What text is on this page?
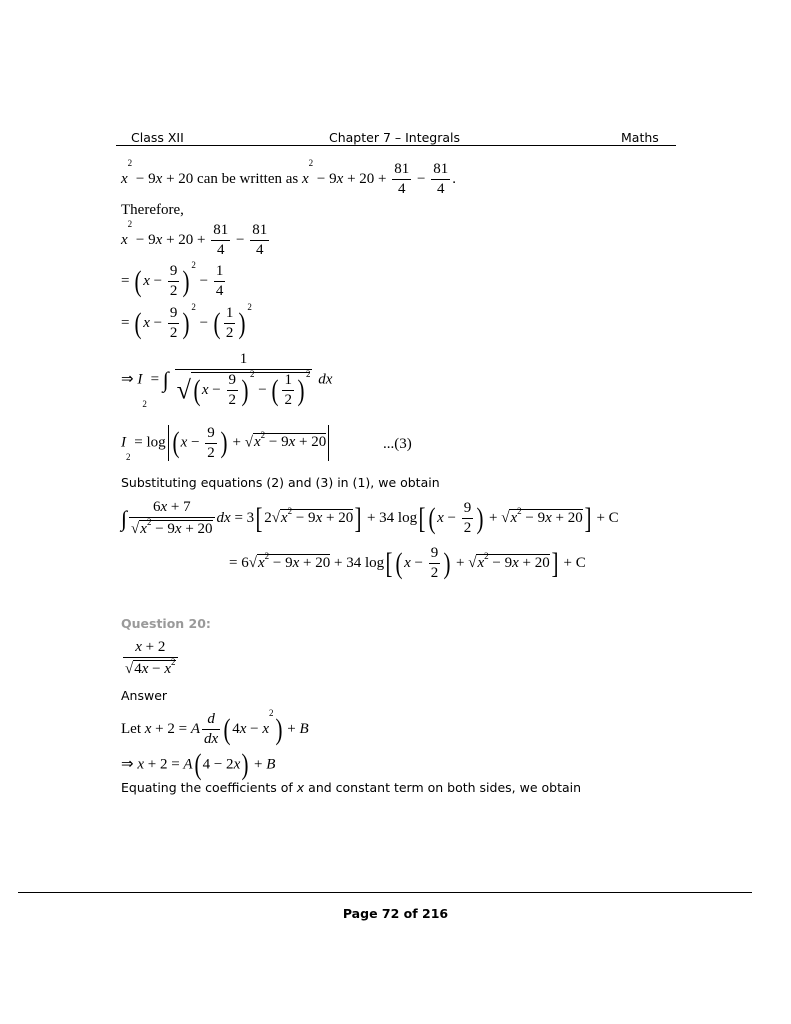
Class XII	Chapter 7 – Integrals	Maths
$x^2 - 9x + 20$ can be written as $x^2 - 9x + 20 + \frac{81}{4} - \frac{81}{4}$ .
Therefore,
$x^2 - 9x + 20 + \frac{81}{4} - \frac{81}{4}$
= ( $x - \frac{9}{2}$ ) $^2 - \frac{1}{4}$
= ( $x - \frac{9}{2}$ ) $^2$ − ( $\frac{1}{2}$ ) $^2$
⇒ $I_2$ = ∫ $\frac{1}{√( x - \frac{9}{2} ) ^2 - ( \frac{1}{2} ) ^2}$ dx
$I_2 = \log$ ( $x - \frac{9}{2}$ ) + $√x^2 - 9x + 20$	...(3)
Substituting equations (2) and (3) in (1), we obtain
∫ $\frac{6x + 7}{√x^2 - 9x + 20}$ dx = 3[ $2√x^2 - 9x + 20] + 34$ log[ ( $x - \frac{9}{2}$ ) + $√x^2 - 9x + 20] + C$
= $6√x^2 - 9x + 20 + 34$ log[ ( $x - \frac{9}{2}$ ) + $√x^2 - 9x + 20] + C$
Question 20:
$\frac{x + 2}{√4x - x^2}$
Answer
Let x + 2 = A $\frac{d}{dx}$ ( $4x - x^2) + B$
⇒ x + 2 = A( 4 − 2x) + B
Equating the coefficients of x and constant term on both sides, we obtain
Page 72 of 216
